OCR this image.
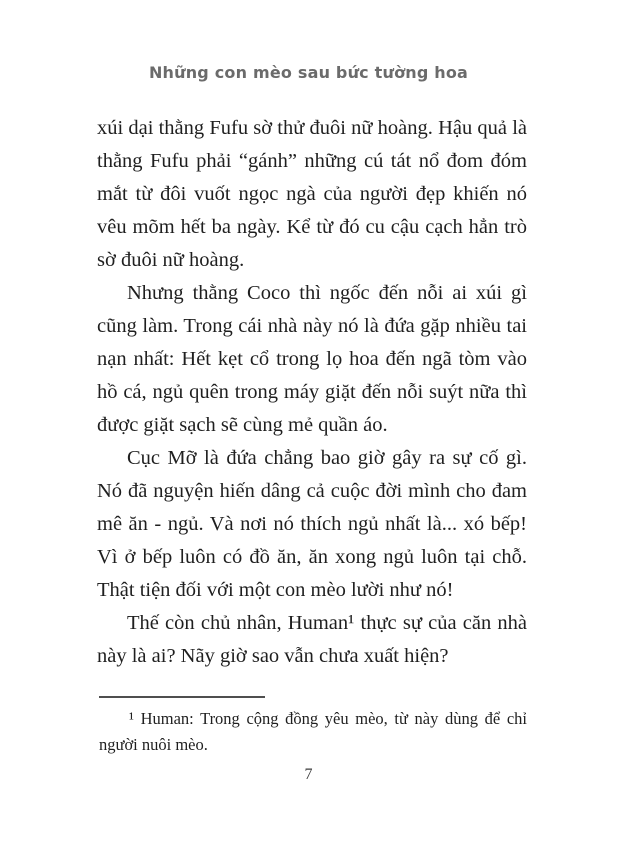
Những con mèo sau bức tường hoa

xúi dại thằng Fufu sờ thử đuôi nữ hoàng. Hậu quả là thằng Fufu phải “gánh” những cú tát nổ đom đóm mắt từ đôi vuốt ngọc ngà của người đẹp khiến nó vêu mõm hết ba ngày. Kể từ đó cu cậu cạch hẳn trò sờ đuôi nữ hoàng.

Nhưng thằng Coco thì ngốc đến nỗi ai xúi gì cũng làm. Trong cái nhà này nó là đứa gặp nhiều tai nạn nhất: Hết kẹt cổ trong lọ hoa đến ngã tòm vào hồ cá, ngủ quên trong máy giặt đến nỗi suýt nữa thì được giặt sạch sẽ cùng mẻ quần áo.

Cục Mỡ là đứa chẳng bao giờ gây ra sự cố gì. Nó đã nguyện hiến dâng cả cuộc đời mình cho đam mê ăn - ngủ. Và nơi nó thích ngủ nhất là... xó bếp! Vì ở bếp luôn có đồ ăn, ăn xong ngủ luôn tại chỗ. Thật tiện đối với một con mèo lười như nó!

Thế còn chủ nhân, Human¹ thực sự của căn nhà này là ai? Nãy giờ sao vẫn chưa xuất hiện?

¹ Human: Trong cộng đồng yêu mèo, từ này dùng để chỉ người nuôi mèo.

7
